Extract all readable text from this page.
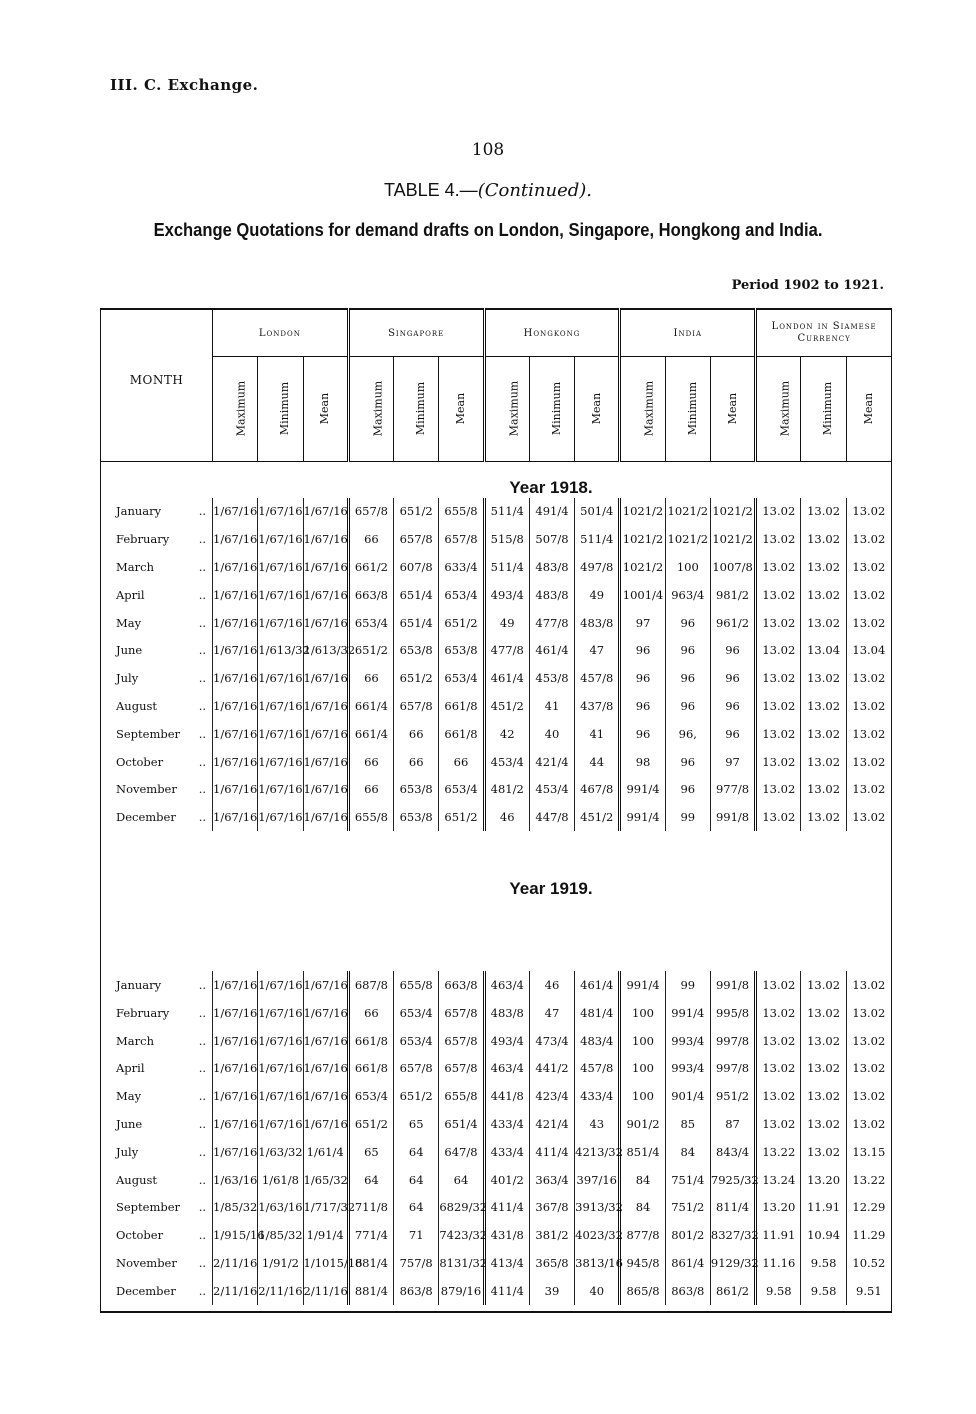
III. C. Exchange.
108
TABLE 4.—(Continued).
Exchange Quotations for demand drafts on London, Singapore, Hongkong and India.
Period 1902 to 1921.
	London			Singapore			Hongkong			India			London in Siamese Currency		
MONTH	Maximum	Minimum	Mean	Maximum	Minimum	Mean	Maximum	Minimum	Mean	Maximum	Minimum	Mean	Maximum	Minimum	Mean
Year 1918.															
January ..	1/67/16	1/67/16	1/67/16	657/8	651/2	655/8	511/4	491/4	501/4	1021/2	1021/2	1021/2	13.02	13.02	13.02
February ..	1/67/16	1/67/16	1/67/16	66	657/8	657/8	515/8	507/8	511/4	1021/2	1021/2	1021/2	13.02	13.02	13.02
March ..	1/67/16	1/67/16	1/67/16	661/2	607/8	633/4	511/4	483/8	497/8	1021/2	100	1007/8	13.02	13.02	13.02
April ..	1/67/16	1/67/16	1/67/16	663/8	651/4	653/4	493/4	483/8	49	1001/4	963/4	981/2	13.02	13.02	13.02
May ..	1/67/16	1/67/16	1/67/16	653/4	651/4	651/2	49	477/8	483/8	97	96	961/2	13.02	13.02	13.02
June ..	1/67/16	1/613/32	1/613/32	651/2	653/8	653/8	477/8	461/4	47	96	96	96	13.02	13.04	13.04
July ..	1/67/16	1/67/16	1/67/16	66	651/2	653/4	461/4	453/8	457/8	96	96	96	13.02	13.02	13.02
August ..	1/67/16	1/67/16	1/67/16	661/4	657/8	661/8	451/2	41	437/8	96	96	96	13.02	13.02	13.02
September ..	1/67/16	1/67/16	1/67/16	661/4	66	661/8	42	40	41	96	96,	96	13.02	13.02	13.02
October ..	1/67/16	1/67/16	1/67/16	66	66	66	453/4	421/4	44	98	96	97	13.02	13.02	13.02
November ..	1/67/16	1/67/16	1/67/16	66	653/8	653/4	481/2	453/4	467/8	991/4	96	977/8	13.02	13.02	13.02
December ..	1/67/16	1/67/16	1/67/16	655/8	653/8	651/2	46	447/8	451/2	991/4	99	991/8	13.02	13.02	13.02
Year 1919.															

January ..	1/67/16	1/67/16	1/67/16	687/8	655/8	663/8	463/4	46	461/4	991/4	99	991/8	13.02	13.02	13.02
February ..	1/67/16	1/67/16	1/67/16	66	653/4	657/8	483/8	47	481/4	100	991/4	995/8	13.02	13.02	13.02
March ..	1/67/16	1/67/16	1/67/16	661/8	653/4	657/8	493/4	473/4	483/4	100	993/4	997/8	13.02	13.02	13.02
April ..	1/67/16	1/67/16	1/67/16	661/8	657/8	657/8	463/4	441/2	457/8	100	993/4	997/8	13.02	13.02	13.02
May ..	1/67/16	1/67/16	1/67/16	653/4	651/2	655/8	441/8	423/4	433/4	100	901/4	951/2	13.02	13.02	13.02
June ..	1/67/16	1/67/16	1/67/16	651/2	65	651/4	433/4	421/4	43	901/2	85	87	13.02	13.02	13.02
July ..	1/67/16	1/63/32	1/61/4	65	64	647/8	433/4	411/4	4213/32	851/4	84	843/4	13.22	13.02	13.15
August ..	1/63/16	1/61/8	1/65/32	64	64	64	401/2	363/4	397/16	84	751/4	7925/32	13.24	13.20	13.22
September ..	1/85/32	1/63/16	1/717/32	711/8	64	6829/32	411/4	367/8	3913/32	84	751/2	811/4	13.20	11.91	12.29
October ..	1/915/16	1/85/32	1/91/4	771/4	71	7423/32	431/8	381/2	4023/32	877/8	801/2	8327/32	11.91	10.94	11.29
November ..	2/11/16	1/91/2	1/1015/16	881/4	757/8	8131/32	413/4	365/8	3813/16	945/8	861/4	9129/32	11.16	9.58	10.52
December ..	2/11/16	2/11/16	2/11/16	881/4	863/8	879/16	411/4	39	40	865/8	863/8	861/2	9.58	9.58	9.51
